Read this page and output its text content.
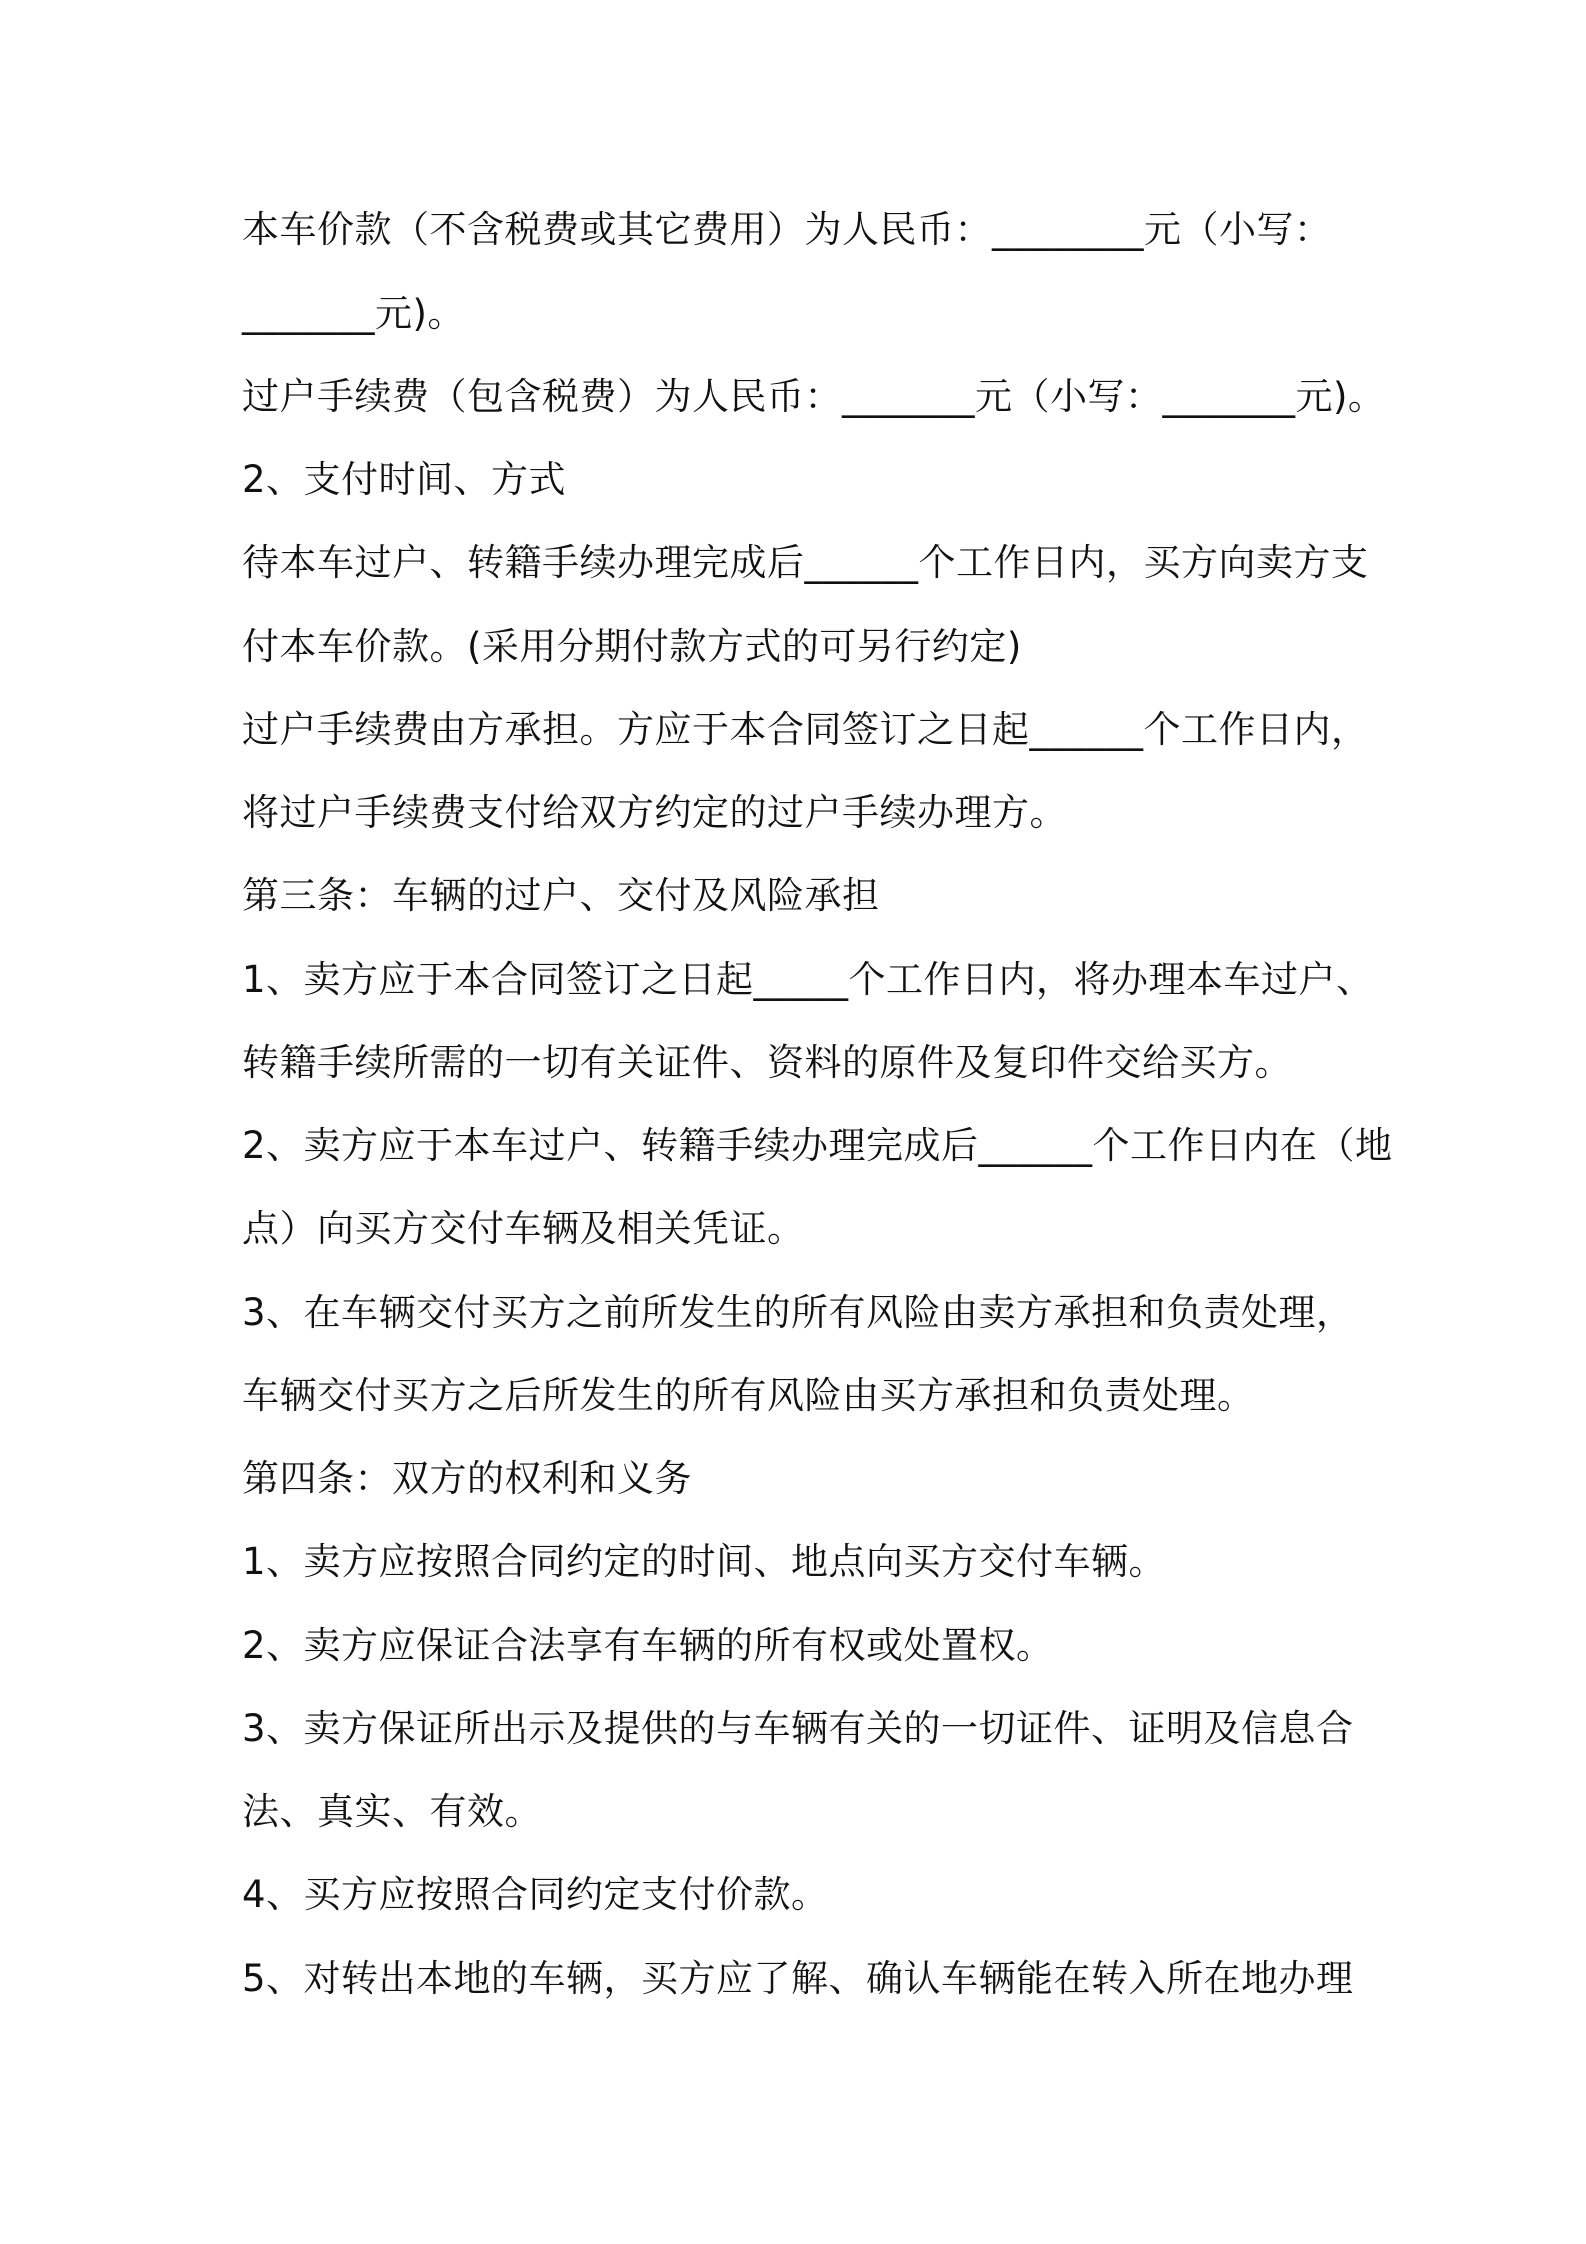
本车价款（不含税费或其它费用）为人民币：________元（小写：
_______元)。
过户手续费（包含税费）为人民币：_______元（小写：_______元)。
2、支付时间、方式
待本车过户、转籍手续办理完成后______个工作日内，买方向卖方支
付本车价款。(采用分期付款方式的可另行约定)
过户手续费由方承担。方应于本合同签订之日起______个工作日内，
将过户手续费支付给双方约定的过户手续办理方。
第三条：车辆的过户、交付及风险承担
1、卖方应于本合同签订之日起_____个工作日内，将办理本车过户、
转籍手续所需的一切有关证件、资料的原件及复印件交给买方。
2、卖方应于本车过户、转籍手续办理完成后______个工作日内在（地
点）向买方交付车辆及相关凭证。
3、在车辆交付买方之前所发生的所有风险由卖方承担和负责处理，
车辆交付买方之后所发生的所有风险由买方承担和负责处理。
第四条：双方的权利和义务
1、卖方应按照合同约定的时间、地点向买方交付车辆。
2、卖方应保证合法享有车辆的所有权或处置权。
3、卖方保证所出示及提供的与车辆有关的一切证件、证明及信息合
法、真实、有效。
4、买方应按照合同约定支付价款。
5、对转出本地的车辆，买方应了解、确认车辆能在转入所在地办理
